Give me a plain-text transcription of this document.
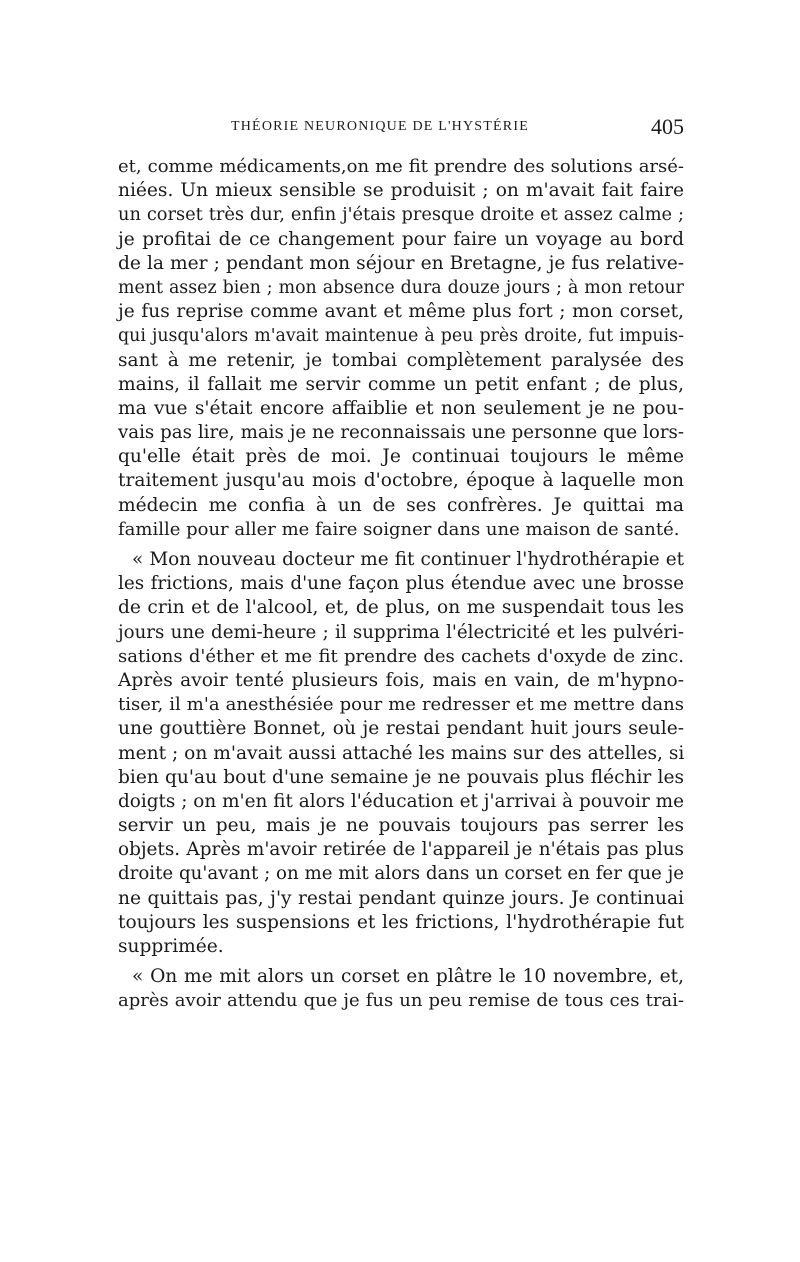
THÉORIE NEURONIQUE DE L'HYSTÉRIE	405
et, comme médicaments,on me fit prendre des solutions arsé-
niées. Un mieux sensible se produisit ; on m'avait fait faire
un corset très dur, enfin j'étais presque droite et assez calme ;
je profitai de ce changement pour faire un voyage au bord
de la mer ; pendant mon séjour en Bretagne, je fus relative-
ment assez bien ; mon absence dura douze jours ; à mon retour
je fus reprise comme avant et même plus fort ; mon corset,
qui jusqu'alors m'avait maintenue à peu près droite, fut impuis-
sant à me retenir, je tombai complètement paralysée des
mains, il fallait me servir comme un petit enfant ; de plus,
ma vue s'était encore affaiblie et non seulement je ne pou-
vais pas lire, mais je ne reconnaissais une personne que lors-
qu'elle était près de moi. Je continuai toujours le même
traitement jusqu'au mois d'octobre, époque à laquelle mon
médecin me confia à un de ses confrères. Je quittai ma
famille pour aller me faire soigner dans une maison de santé.
« Mon nouveau docteur me fit continuer l'hydrothérapie et
les frictions, mais d'une façon plus étendue avec une brosse
de crin et de l'alcool, et, de plus, on me suspendait tous les
jours une demi-heure ; il supprima l'électricité et les pulvéri-
sations d'éther et me fit prendre des cachets d'oxyde de zinc.
Après avoir tenté plusieurs fois, mais en vain, de m'hypno-
tiser, il m'a anesthésiée pour me redresser et me mettre dans
une gouttière Bonnet, où je restai pendant huit jours seule-
ment ; on m'avait aussi attaché les mains sur des attelles, si
bien qu'au bout d'une semaine je ne pouvais plus fléchir les
doigts ; on m'en fit alors l'éducation et j'arrivai à pouvoir me
servir un peu, mais je ne pouvais toujours pas serrer les
objets. Après m'avoir retirée de l'appareil je n'étais pas plus
droite qu'avant ; on me mit alors dans un corset en fer que je
ne quittais pas, j'y restai pendant quinze jours. Je continuai
toujours les suspensions et les frictions, l'hydrothérapie fut
supprimée.
« On me mit alors un corset en plâtre le 10 novembre, et,
après avoir attendu que je fus un peu remise de tous ces trai-
